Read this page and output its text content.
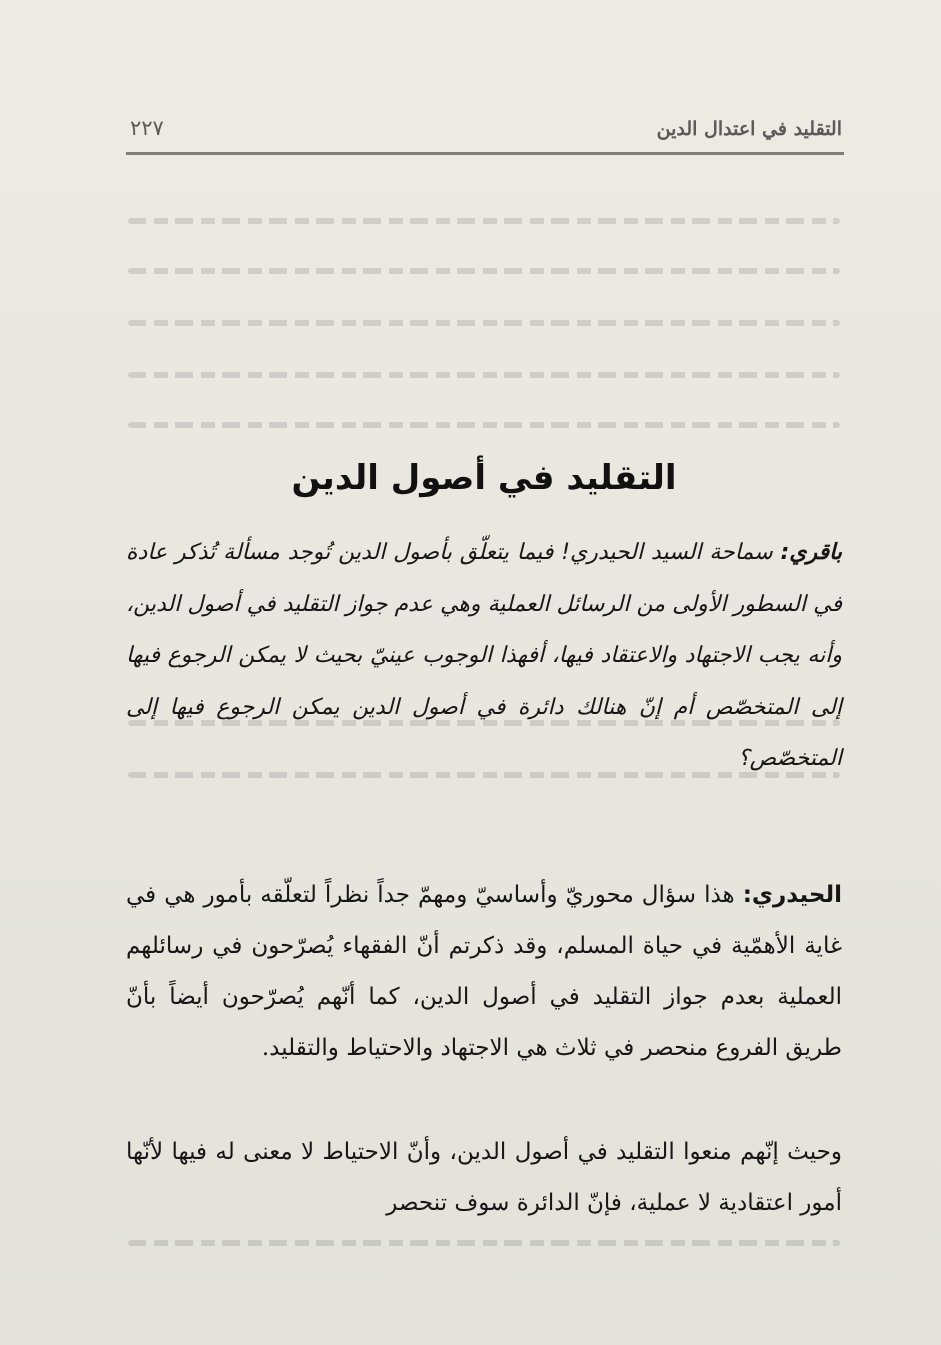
التقليد في اعتدال الدين
٢٢٧
التقليد في أصول الدين

باقري: سماحة السيد الحيدري! فيما يتعلّق بأصول الدين تُوجد مسألة تُذكر عادة في السطور الأولى من الرسائل العملية وهي عدم جواز التقليد في أصول الدين، وأنه يجب الاجتهاد والاعتقاد فيها، أفهذا الوجوب عينيّ بحيث لا يمكن الرجوع فيها إلى المتخصّص أم إنّ هنالك دائرة في أصول الدين يمكن الرجوع فيها إلى المتخصّص؟

الحيدري: هذا سؤال محوريّ وأساسيّ ومهمّ جداً نظراً لتعلّقه بأمور هي في غاية الأهمّية في حياة المسلم، وقد ذكرتم أنّ الفقهاء يُصرّحون في رسائلهم العملية بعدم جواز التقليد في أصول الدين، كما أنّهم يُصرّحون أيضاً بأنّ طريق الفروع منحصر في ثلاث هي الاجتهاد والاحتياط والتقليد.

وحيث إنّهم منعوا التقليد في أصول الدين، وأنّ الاحتياط لا معنى له فيها لأنّها أمور اعتقادية لا عملية، فإنّ الدائرة سوف تنحصر
